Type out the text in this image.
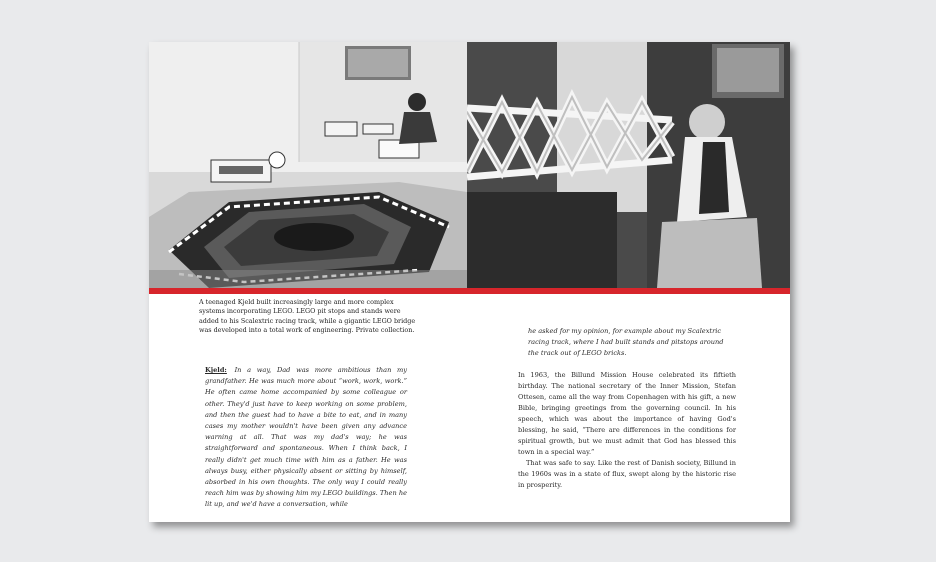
A teenaged Kjeld built increasingly large and more complex systems incorporating LEGO. LEGO pit stops and stands were added to his Scalextric racing track, while a gigantic LEGO bridge was developed into a total work of engineering. Private collection.
Kjeld: In a way, Dad was more ambitious than my grandfather. He was much more about “work, work, work.” He often came home accompanied by some colleague or other. They'd just have to keep working on some problem, and then the guest had to have a bite to eat, and in many cases my mother wouldn't have been given any advance warning at all. That was my dad's way; he was straightforward and spontaneous. When I think back, I really didn't get much time with him as a father. He was always busy, either physically absent or sitting by himself, absorbed in his own thoughts. The only way I could really reach him was by showing him my LEGO buildings. Then he lit up, and we'd have a conversation, while
he asked for my opinion, for example about my Scalextric racing track, where I had built stands and pitstops around the track out of LEGO bricks.

In 1963, the Billund Mission House celebrated its fiftieth birthday. The national secretary of the Inner Mission, Stefan Ottesen, came all the way from Copenhagen with his gift, a new Bible, bringing greetings from the governing council. In his speech, which was about the importance of having God's blessing, he said, “There are differences in the conditions for spiritual growth, but we must admit that God has blessed this town in a special way.”

That was safe to say. Like the rest of Danish society, Billund in the 1960s was in a state of flux, swept along by the historic rise in prosperity.
